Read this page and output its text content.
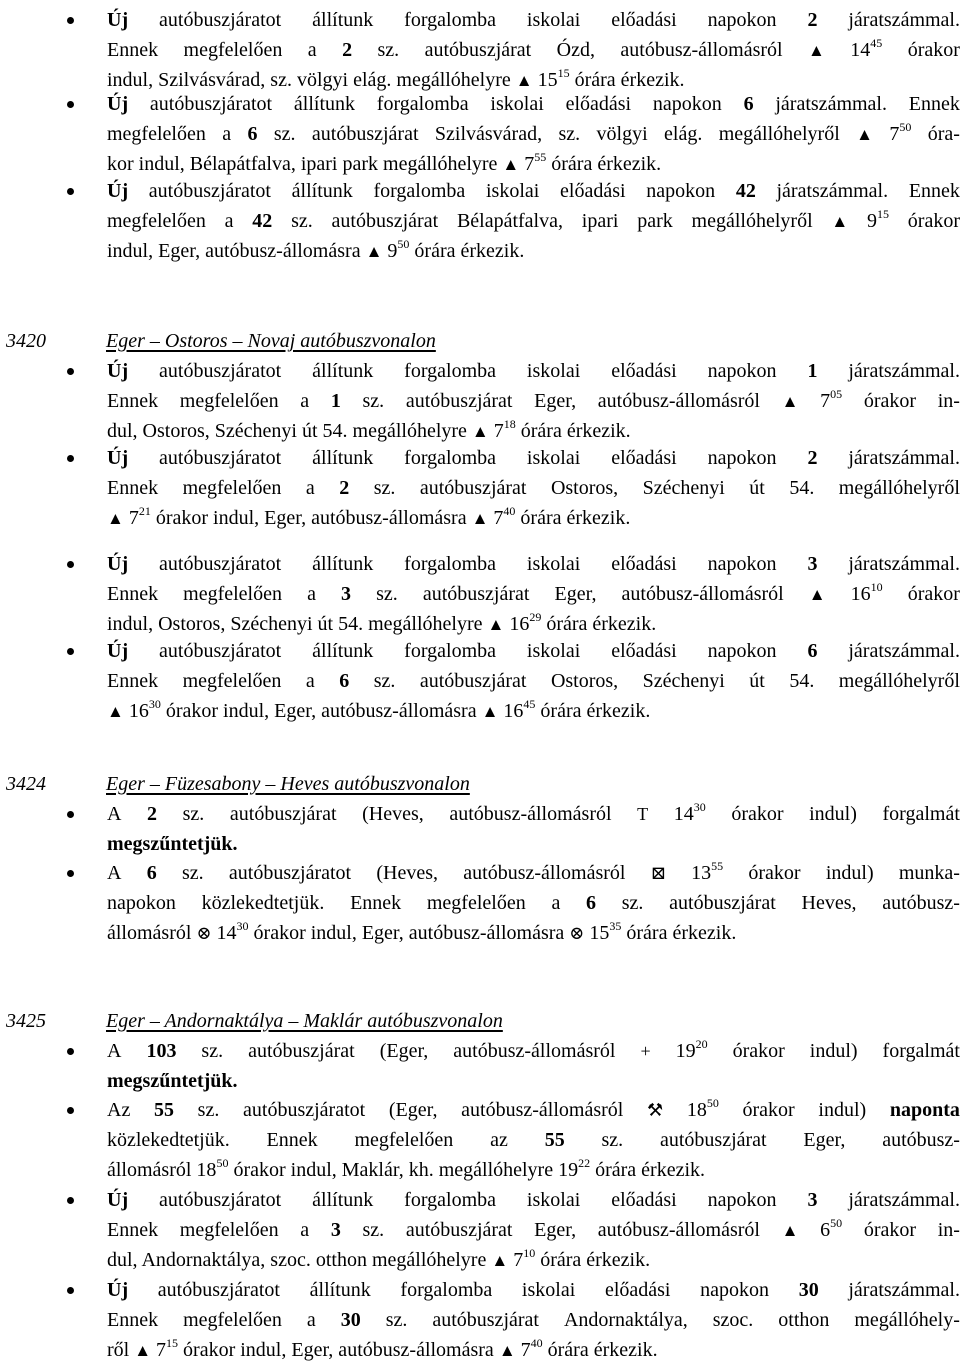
Új autóbuszjáratot állítunk forgalomba iskolai előadási napokon 2 járatszámmal.
Ennek megfelelően a 2 sz. autóbuszjárat Ózd, autóbusz-állomásról ▲ $14^{45}$ órakor
indul, Szilvásvárad, sz. völgyi elág. megállóhelyre ▲ $15^{15}$ órára érkezik.
Új autóbuszjáratot állítunk forgalomba iskolai előadási napokon 6 járatszámmal. Ennek
megfelelően a 6 sz. autóbuszjárat Szilvásvárad, sz. völgyi elág. megállóhelyről ▲ $7^{50}$ óra-
kor indul, Bélapátfalva, ipari park megállóhelyre ▲ $7^{55}$ órára érkezik.
Új autóbuszjáratot állítunk forgalomba iskolai előadási napokon 42 járatszámmal. Ennek
megfelelően a 42 sz. autóbuszjárat Bélapátfalva, ipari park megállóhelyről ▲ $9^{15}$ órakor
indul, Eger, autóbusz-állomásra ▲ $9^{50}$ órára érkezik.
3420	Eger – Ostoros – Novaj autóbuszvonalon
Új autóbuszjáratot állítunk forgalomba iskolai előadási napokon 1 járatszámmal.
Ennek megfelelően a 1 sz. autóbuszjárat Eger, autóbusz-állomásról ▲ $7^{05}$ órakor in-
dul, Ostoros, Széchenyi út 54. megállóhelyre ▲ $7^{18}$ órára érkezik.
Új autóbuszjáratot állítunk forgalomba iskolai előadási napokon 2 járatszámmal.
Ennek megfelelően a 2 sz. autóbuszjárat Ostoros, Széchenyi út 54. megállóhelyről
▲ $7^{21}$ órakor indul, Eger, autóbusz-állomásra ▲ $7^{40}$ órára érkezik.
Új autóbuszjáratot állítunk forgalomba iskolai előadási napokon 3 járatszámmal.
Ennek megfelelően a 3 sz. autóbuszjárat Eger, autóbusz-állomásról ▲ $16^{10}$ órakor
indul, Ostoros, Széchenyi út 54. megállóhelyre ▲ $16^{29}$ órára érkezik.
Új autóbuszjáratot állítunk forgalomba iskolai előadási napokon 6 járatszámmal.
Ennek megfelelően a 6 sz. autóbuszjárat Ostoros, Széchenyi út 54. megállóhelyről
▲ $16^{30}$ órakor indul, Eger, autóbusz-állomásra ▲ $16^{45}$ órára érkezik.
3424	Eger – Füzesabony – Heves autóbuszvonalon
A 2 sz. autóbuszjárat (Heves, autóbusz-állomásról T $14^{30}$ órakor indul) forgalmát
megszűntetjük.
A 6 sz. autóbuszjáratot (Heves, autóbusz-állomásról ⊠ $13^{55}$ órakor indul) munka-
napokon közlekedtetjük. Ennek megfelelően a 6 sz. autóbuszjárat Heves, autóbusz-
állomásról ⊗ $14^{30}$ órakor indul, Eger, autóbusz-állomásra ⊗ $15^{35}$ órára érkezik.
3425	Eger – Andornaktálya – Maklár autóbuszvonalon
A 103 sz. autóbuszjárat (Eger, autóbusz-állomásról + $19^{20}$ órakor indul) forgalmát
megszűntetjük.
Az 55 sz. autóbuszjáratot (Eger, autóbusz-állomásról ⚒ $18^{50}$ órakor indul) naponta
közlekedtetjük. Ennek megfelelően az 55 sz. autóbuszjárat Eger, autóbusz-
állomásról $18^{50}$ órakor indul, Maklár, kh. megállóhelyre $19^{22}$ órára érkezik.
Új autóbuszjáratot állítunk forgalomba iskolai előadási napokon 3 járatszámmal.
Ennek megfelelően a 3 sz. autóbuszjárat Eger, autóbusz-állomásról ▲ $6^{50}$ órakor in-
dul, Andornaktálya, szoc. otthon megállóhelyre ▲ $7^{10}$ órára érkezik.
Új autóbuszjáratot állítunk forgalomba iskolai előadási napokon 30 járatszámmal.
Ennek megfelelően a 30 sz. autóbuszjárat Andornaktálya, szoc. otthon megállóhely-
ről ▲ $7^{15}$ órakor indul, Eger, autóbusz-állomásra ▲ $7^{40}$ órára érkezik.
